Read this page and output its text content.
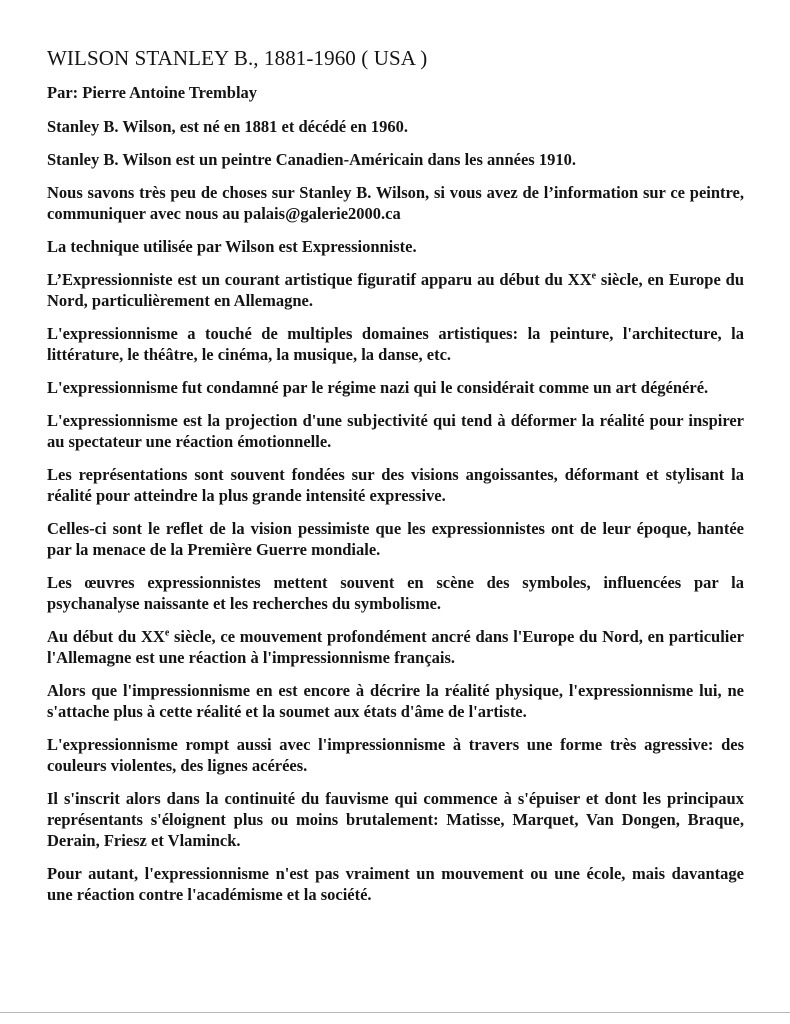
WILSON STANLEY B., 1881-1960 ( USA )
Par: Pierre Antoine Tremblay

Stanley B. Wilson, est né en 1881 et décédé en 1960.

Stanley B. Wilson est un peintre Canadien-Américain dans les années 1910.

Nous savons très peu de choses sur Stanley B. Wilson, si vous avez de l’information sur ce peintre, communiquer avec nous au palais@galerie2000.ca

La technique utilisée par Wilson est Expressionniste.

L’Expressionniste est un courant artistique figuratif apparu au début du XXe siècle, en Europe du Nord, particulièrement en Allemagne.

L'expressionnisme a touché de multiples domaines artistiques: la peinture, l'architecture, la littérature, le théâtre, le cinéma, la musique, la danse, etc.

L'expressionnisme fut condamné par le régime nazi qui le considérait comme un art dégénéré.

L'expressionnisme est la projection d'une subjectivité qui tend à déformer la réalité pour inspirer au spectateur une réaction émotionnelle.

Les représentations sont souvent fondées sur des visions angoissantes, déformant et stylisant la réalité pour atteindre la plus grande intensité expressive.

Celles-ci sont le reflet de la vision pessimiste que les expressionnistes ont de leur époque, hantée par la menace de la Première Guerre mondiale.

Les œuvres expressionnistes mettent souvent en scène des symboles, influencées par la psychanalyse naissante et les recherches du symbolisme.

Au début du XXe siècle, ce mouvement profondément ancré dans l'Europe du Nord, en particulier l'Allemagne est une réaction à l'impressionnisme français.

Alors que l'impressionnisme en est encore à décrire la réalité physique, l'expressionnisme lui, ne s'attache plus à cette réalité et la soumet aux états d'âme de l'artiste.

L'expressionnisme rompt aussi avec l'impressionnisme à travers une forme très agressive: des couleurs violentes, des lignes acérées.

Il s'inscrit alors dans la continuité du fauvisme qui commence à s'épuiser et dont les principaux représentants s'éloignent plus ou moins brutalement: Matisse, Marquet, Van Dongen, Braque, Derain, Friesz et Vlaminck.

Pour autant, l'expressionnisme n'est pas vraiment un mouvement ou une école, mais davantage une réaction contre l'académisme et la société.
